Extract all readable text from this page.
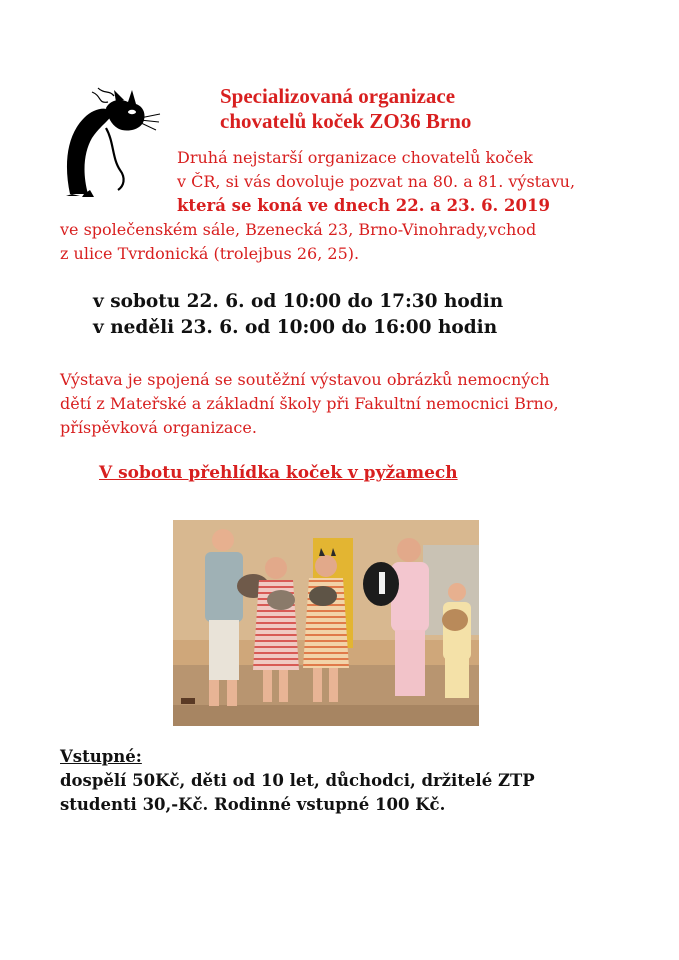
Specializovaná organizace
chovatelů koček ZO36 Brno
Druhá nejstarší organizace chovatelů koček
v ČR, si vás dovoluje pozvat na 80. a 81. výstavu,
která se koná ve dnech 22. a 23. 6. 2019
ve společenském sále, Bzenecká 23, Brno-Vinohrady,vchod
z ulice Tvrdonická (trolejbus 26, 25).
v sobotu 22. 6. od 10:00 do 17:30 hodin
v neděli 23. 6. od 10:00 do 16:00 hodin
Výstava je spojená se soutěžní výstavou obrázků nemocných
dětí z Mateřské a základní školy při Fakultní nemocnici Brno,
příspěvková organizace.
V sobotu přehlídka koček v pyžamech
Vstupné:
dospělí 50Kč, děti od 10 let, důchodci, držitelé ZTP
studenti 30,-Kč. Rodinné vstupné 100 Kč.
